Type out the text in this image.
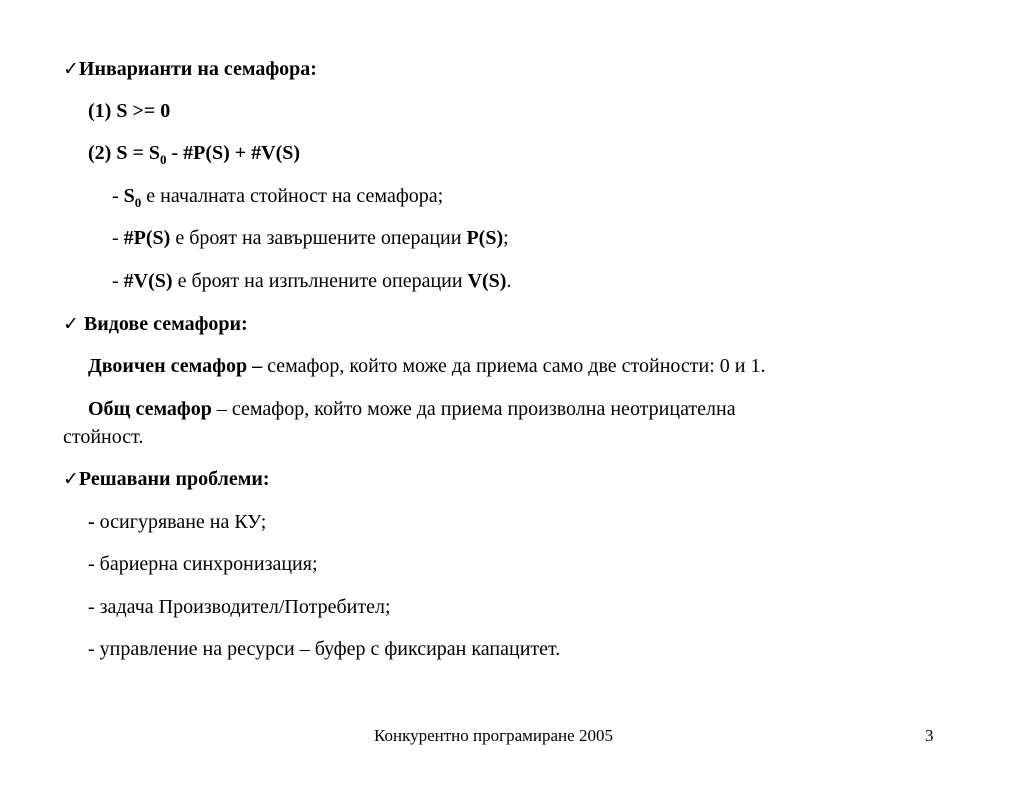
✓Инварианти на семафора:
(1) S >= 0
(2) $S = S_0$ - #P(S) + #V(S)
- $S_0$ е началната стойност на семафора;
- #P(S) е броят на завършените операции P(S);
- #V(S) е броят на изпълнените операции V(S).
✓ Видове семафори:
Двоичен семафор – семафор, който може да приема само две стойности: 0 и 1.
Общ семафор – семафор, който може да приема произволна неотрицателна
стойност.
✓Решавани проблеми:
- осигуряване на КУ;
- бариерна синхронизация;
- задача Производител/Потребител;
- управление на ресурси – буфер с фиксиран капацитет.
Конкурентно програмиране 2005	3
